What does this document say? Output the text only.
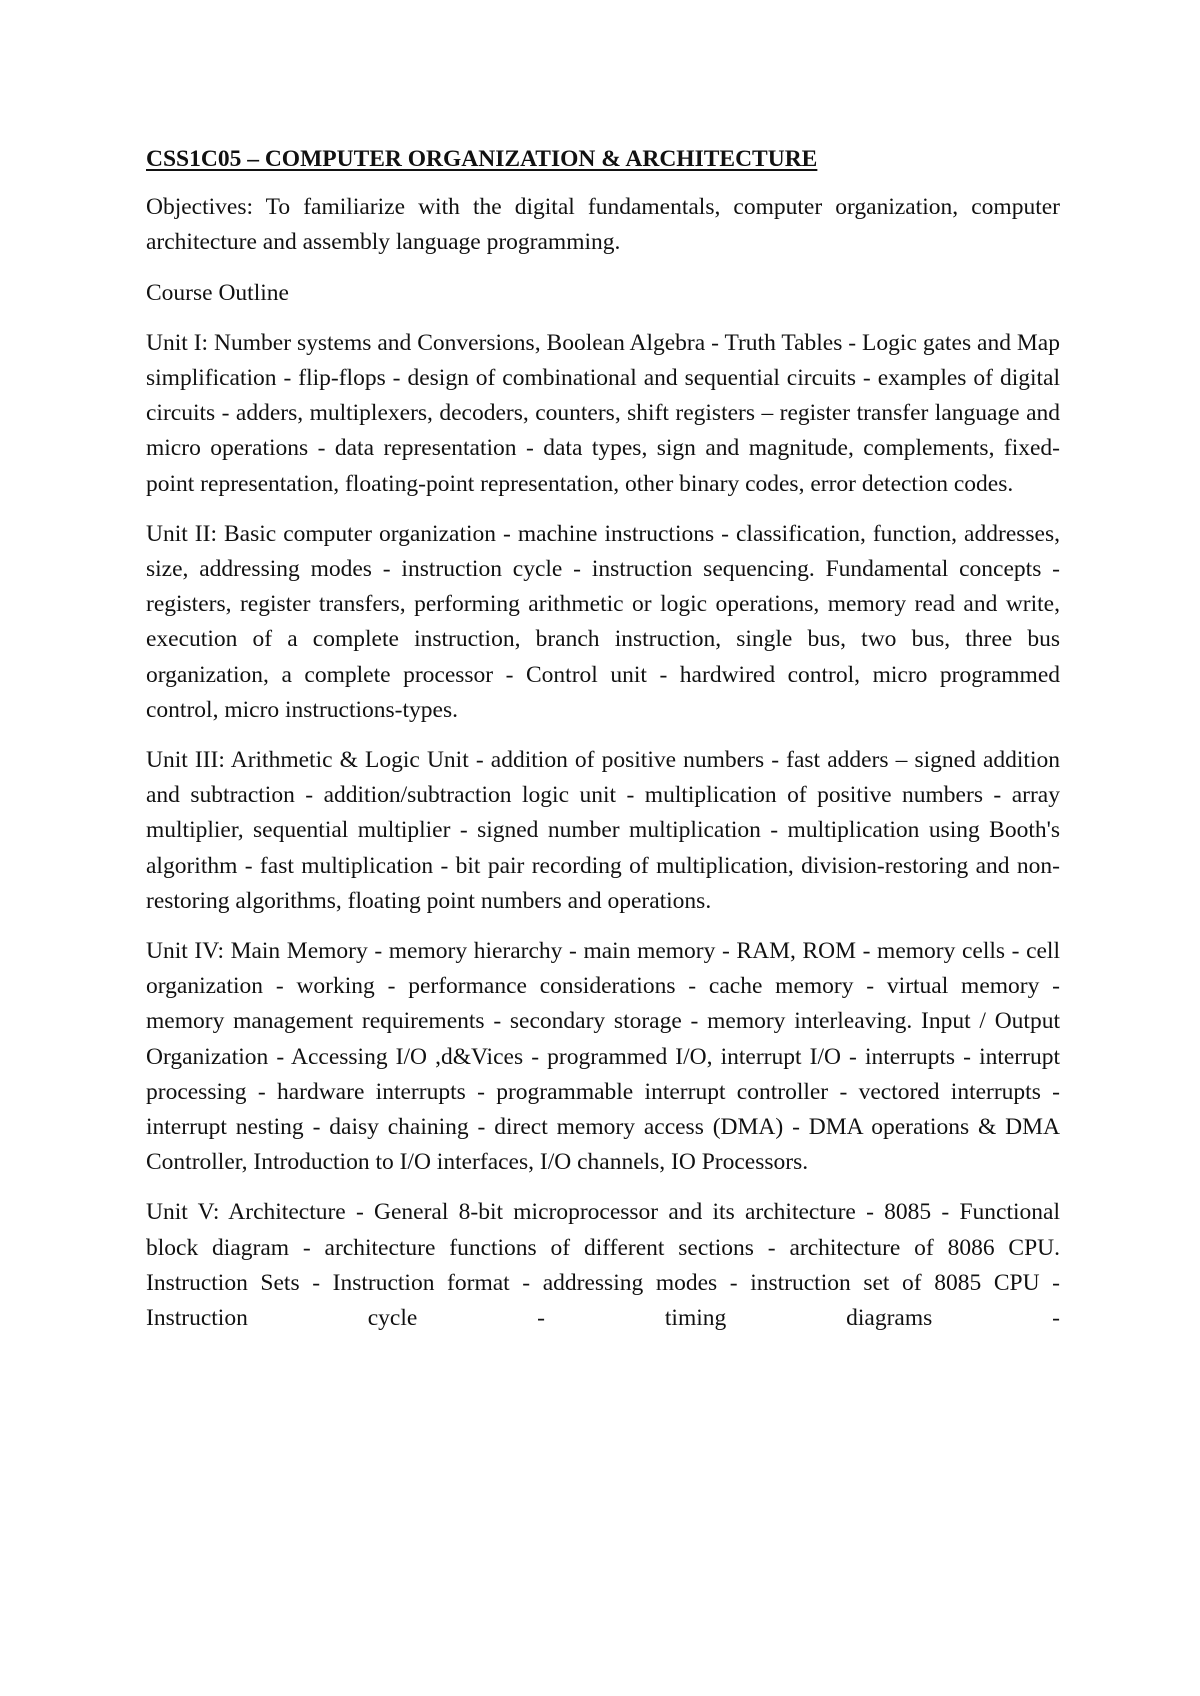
CSS1C05 – COMPUTER ORGANIZATION & ARCHITECTURE
Objectives: To familiarize with the digital fundamentals, computer organization, computer architecture and assembly language programming.
Course Outline
Unit I: Number systems and Conversions, Boolean Algebra - Truth Tables - Logic gates and Map simplification - flip-flops - design of combinational and sequential circuits - examples of digital circuits - adders, multiplexers, decoders, counters, shift registers – register transfer language and micro operations - data representation - data types, sign and magnitude, complements, fixed-point representation, floating-point representation, other binary codes, error detection codes.
Unit II: Basic computer organization - machine instructions - classification, function, addresses, size, addressing modes - instruction cycle - instruction sequencing. Fundamental concepts - registers, register transfers, performing arithmetic or logic operations, memory read and write, execution of a complete instruction, branch instruction, single bus, two bus, three bus organization, a complete processor - Control unit - hardwired control, micro programmed control, micro instructions-types.
Unit III: Arithmetic & Logic Unit - addition of positive numbers - fast adders – signed addition and subtraction - addition/subtraction logic unit - multiplication of positive numbers - array multiplier, sequential multiplier - signed number multiplication - multiplication using Booth's algorithm - fast multiplication - bit pair recording of multiplication, division-restoring and non-restoring algorithms, floating point numbers and operations.
Unit IV: Main Memory - memory hierarchy - main memory - RAM, ROM - memory cells - cell organization - working - performance considerations - cache memory - virtual memory - memory management requirements - secondary storage - memory interleaving. Input / Output Organization - Accessing I/O ,d&Vices - programmed I/O, interrupt I/O - interrupts - interrupt processing - hardware interrupts - programmable interrupt controller - vectored interrupts - interrupt nesting - daisy chaining - direct memory access (DMA) - DMA operations & DMA Controller, Introduction to I/O interfaces, I/O channels, IO Processors.
Unit V: Architecture - General 8-bit microprocessor and its architecture - 8085 - Functional block diagram - architecture functions of different sections - architecture of 8086 CPU. Instruction Sets - Instruction format - addressing modes - instruction set of 8085 CPU - Instruction cycle - timing diagrams -
